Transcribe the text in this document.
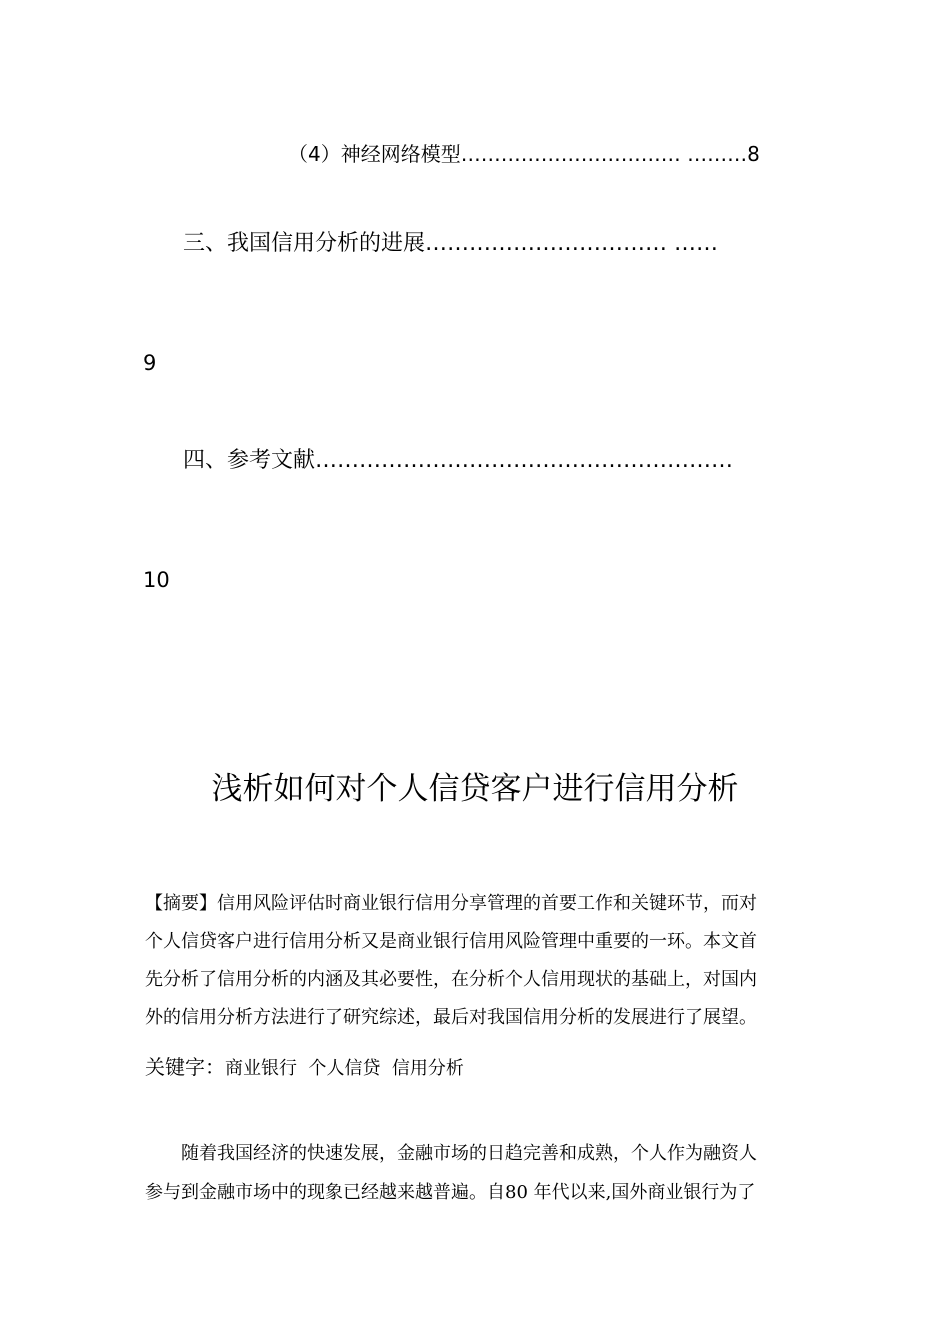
（4）神经网络模型…………………………… ………8
三、我国信用分析的进展…………………………… ……
9
四、参考文献…………………………………………………
10
浅析如何对个人信贷客户进行信用分析
【摘要】信用风险评估时商业银行信用分享管理的首要工作和关键环节，而对
个人信贷客户进行信用分析又是商业银行信用风险管理中重要的一环。本文首
先分析了信用分析的内涵及其必要性，在分析个人信用现状的基础上，对国内
外的信用分析方法进行了研究综述，最后对我国信用分析的发展进行了展望。
关键字：商业银行  个人信贷  信用分析
随着我国经济的快速发展，金融市场的日趋完善和成熟，个人作为融资人
参与到金融市场中的现象已经越来越普遍。自80 年代以来,国外商业银行为了
